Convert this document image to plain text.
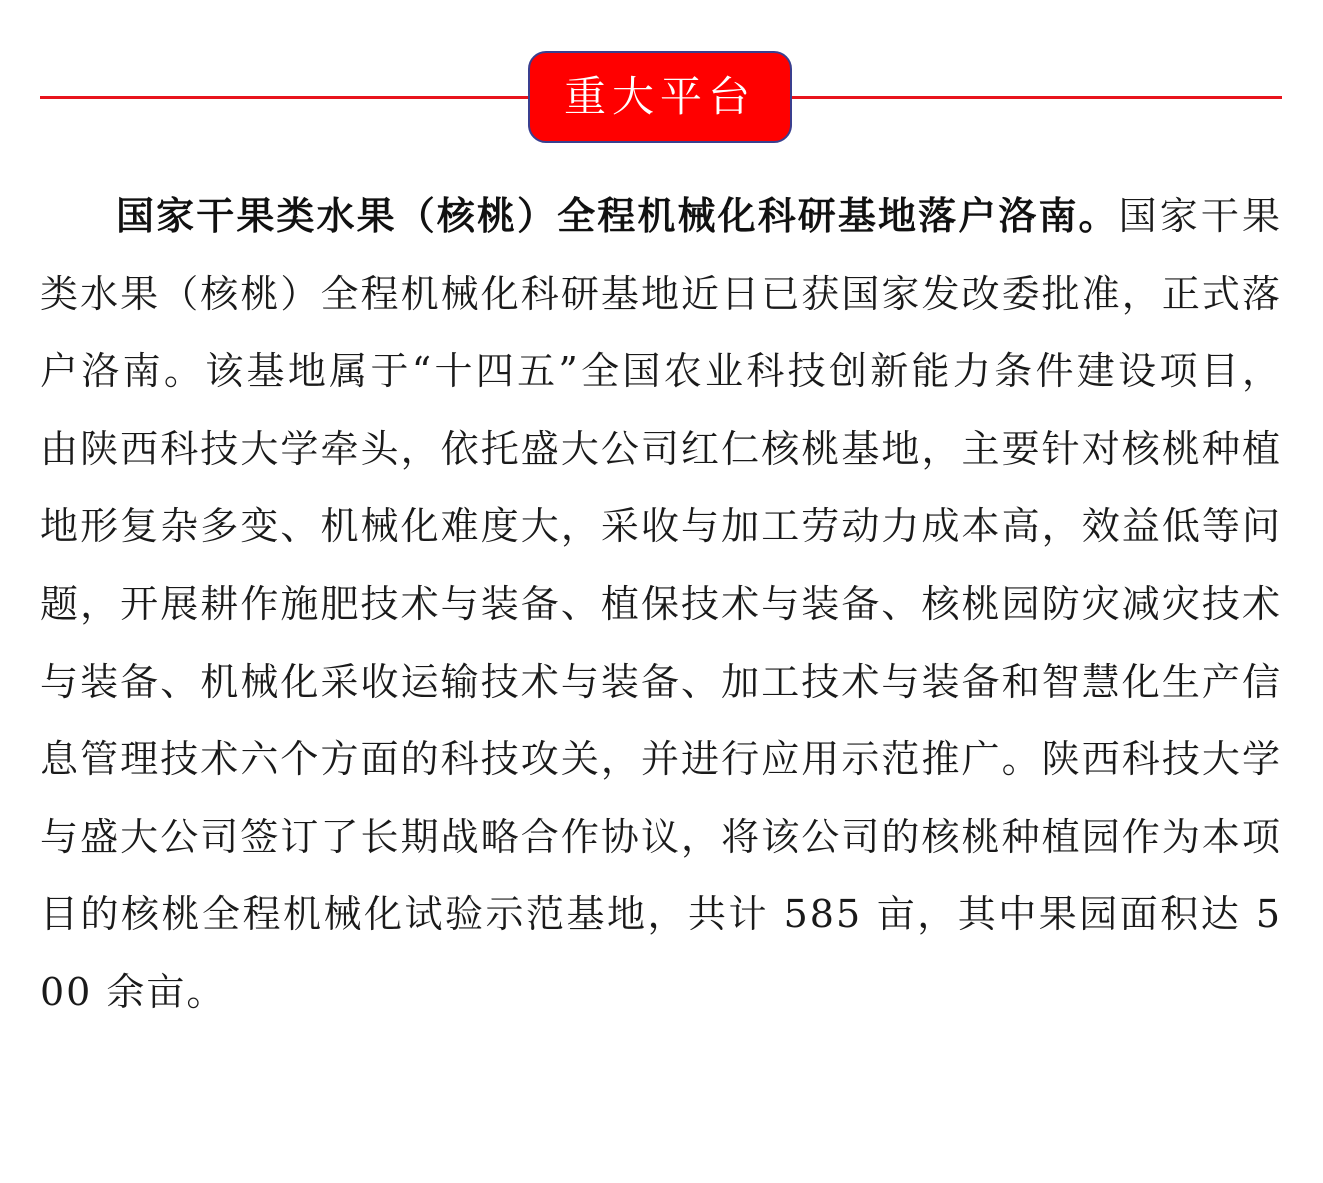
重大平台

国家干果类水果（核桃）全程机械化科研基地落户洛南。国家干果类水果（核桃）全程机械化科研基地近日已获国家发改委批准，正式落户洛南。该基地属于“十四五”全国农业科技创新能力条件建设项目，由陕西科技大学牵头，依托盛大公司红仁核桃基地，主要针对核桃种植地形复杂多变、机械化难度大，采收与加工劳动力成本高，效益低等问题，开展耕作施肥技术与装备、植保技术与装备、核桃园防灾减灾技术与装备、机械化采收运输技术与装备、加工技术与装备和智慧化生产信息管理技术六个方面的科技攻关，并进行应用示范推广。陕西科技大学与盛大公司签订了长期战略合作协议，将该公司的核桃种植园作为本项目的核桃全程机械化试验示范基地，共计 585 亩，其中果园面积达 500 余亩。
